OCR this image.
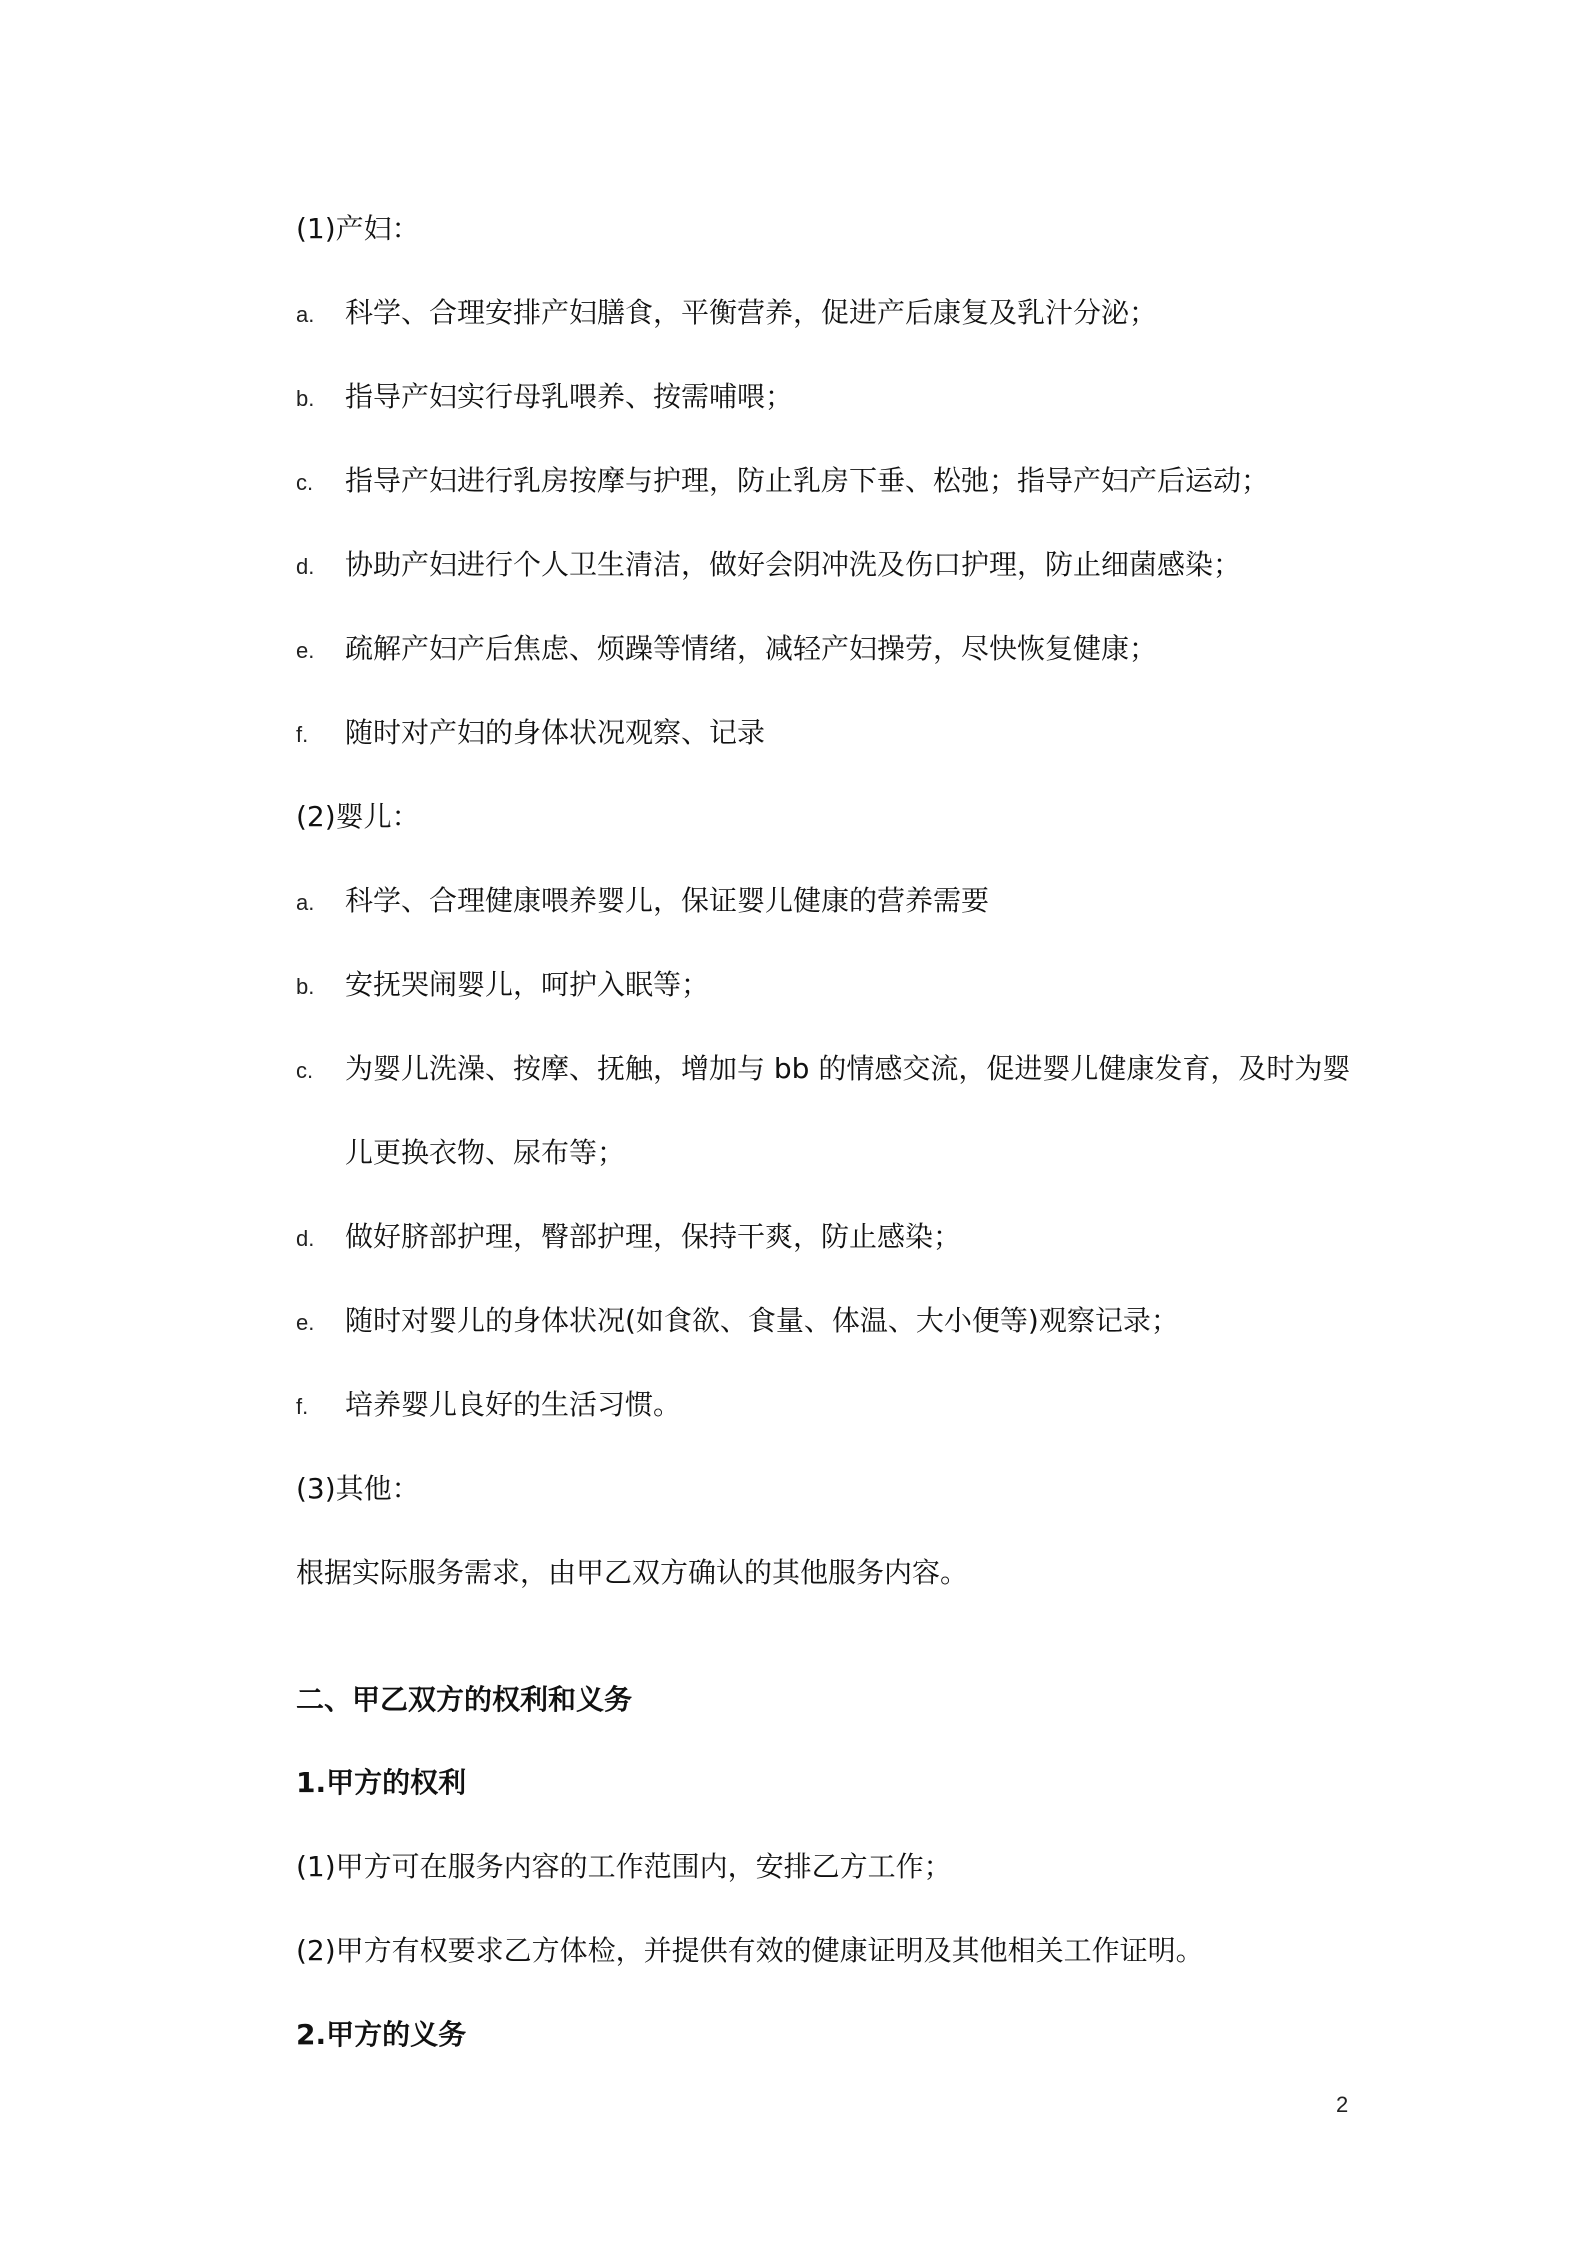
(1)产妇：
a. 科学、合理安排产妇膳食，平衡营养，促进产后康复及乳汁分泌；
b. 指导产妇实行母乳喂养、按需哺喂；
c. 指导产妇进行乳房按摩与护理，防止乳房下垂、松弛；指导产妇产后运动；
d. 协助产妇进行个人卫生清洁，做好会阴冲洗及伤口护理，防止细菌感染；
e. 疏解产妇产后焦虑、烦躁等情绪，减轻产妇操劳，尽快恢复健康；
f. 随时对产妇的身体状况观察、记录
(2)婴儿：
a. 科学、合理健康喂养婴儿，保证婴儿健康的营养需要
b. 安抚哭闹婴儿，呵护入眠等；
c. 为婴儿洗澡、按摩、抚触，增加与 bb 的情感交流，促进婴儿健康发育，及时为婴
儿更换衣物、尿布等；
d. 做好脐部护理，臀部护理，保持干爽，防止感染；
e. 随时对婴儿的身体状况(如食欲、食量、体温、大小便等)观察记录；
f. 培养婴儿良好的生活习惯。
(3)其他：
根据实际服务需求，由甲乙双方确认的其他服务内容。
二、甲乙双方的权利和义务
1.甲方的权利
(1)甲方可在服务内容的工作范围内，安排乙方工作；
(2)甲方有权要求乙方体检，并提供有效的健康证明及其他相关工作证明。
2.甲方的义务
2
